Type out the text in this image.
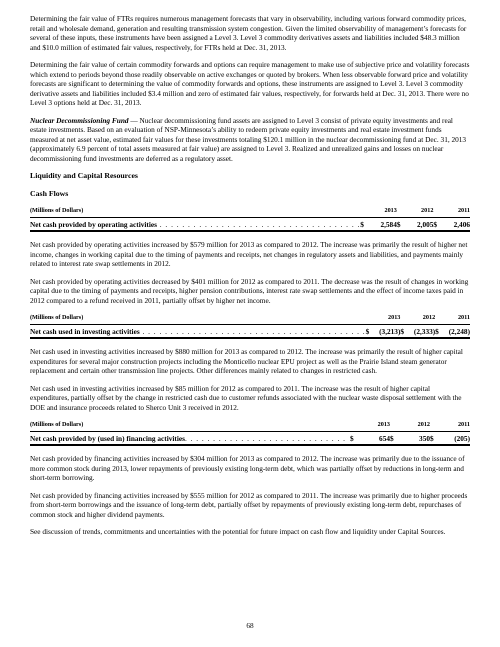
Determining the fair value of FTRs requires numerous management forecasts that vary in observability, including various forward commodity prices, retail and wholesale demand, generation and resulting transmission system congestion. Given the limited observability of management’s forecasts for several of these inputs, these instruments have been assigned a Level 3. Level 3 commodity derivatives assets and liabilities included $48.3 million and $10.0 million of estimated fair values, respectively, for FTRs held at Dec. 31, 2013.

Determining the fair value of certain commodity forwards and options can require management to make use of subjective price and volatility forecasts which extend to periods beyond those readily observable on active exchanges or quoted by brokers. When less observable forward price and volatility forecasts are significant to determining the value of commodity forwards and options, these instruments are assigned to Level 3. Level 3 commodity derivative assets and liabilities included $3.4 million and zero of estimated fair values, respectively, for forwards held at Dec. 31, 2013. There were no Level 3 options held at Dec. 31, 2013.

Nuclear Decommissioning Fund — Nuclear decommissioning fund assets are assigned to Level 3 consist of private equity investments and real estate investments. Based on an evaluation of NSP-Minnesota’s ability to redeem private equity investments and real estate investment funds measured at net asset value, estimated fair values for these investments totaling $120.1 million in the nuclear decommissioning fund at Dec. 31, 2013 (approximately 6.9 percent of total assets measured at fair value) are assigned to Level 3. Realized and unrealized gains and losses on nuclear decommissioning fund investments are deferred as a regulatory asset.

Liquidity and Capital Resources
Cash Flows
(Millions of Dollars)	2013		2012		2011	
Net cash provided by operating activities . . . . . . . . . . . . . . . . . . . . . . . . . . . . . . . . . . . .	$	2,584	$	2,005	$	2,406

Net cash provided by operating activities increased by $579 million for 2013 as compared to 2012. The increase was primarily the result of higher net income, changes in working capital due to the timing of payments and receipts, net changes in regulatory assets and liabilities, and payments mainly related to interest rate swap settlements in 2012.

Net cash provided by operating activities decreased by $401 million for 2012 as compared to 2011. The decrease was the result of changes in working capital due to the timing of payments and receipts, higher pension contributions, interest rate swap settlements and the effect of income taxes paid in 2012 compared to a refund received in 2011, partially offset by higher net income.

(Millions of Dollars)	2013		2012		2011	
Net cash used in investing activities . . . . . . . . . . . . . . . . . . . . . . . . . . . . . . . . . . . . . . . .	$	(3,213)	$	(2,333)	$	(2,248)

Net cash used in investing activities increased by $880 million for 2013 as compared to 2012. The increase was primarily the result of higher capital expenditures for several major construction projects including the Monticello nuclear EPU project as well as the Prairie Island steam generator replacement and certain other transmission line projects. Other differences mainly related to changes in restricted cash.

Net cash used in investing activities increased by $85 million for 2012 as compared to 2011. The increase was the result of higher capital expenditures, partially offset by the change in restricted cash due to customer refunds associated with the nuclear waste disposal settlement with the DOE and insurance proceeds related to Sherco Unit 3 received in 2012.

(Millions of Dollars)	2013		2012		2011	
Net cash provided by (used in) financing activities. . . . . . . . . . . . . . . . . . . . . . . . . . . . .	$	654	$	350	$	(205)

Net cash provided by financing activities increased by $304 million for 2013 as compared to 2012. The increase was primarily due to the issuance of more common stock during 2013, lower repayments of previously existing long-term debt, which was partially offset by reductions in long-term and short-term borrowing.

Net cash provided by financing activities increased by $555 million for 2012 as compared to 2011. The increase was primarily due to higher proceeds from short-term borrowings and the issuance of long-term debt, partially offset by repayments of previously existing long-term debt, repurchases of common stock and higher dividend payments.

See discussion of trends, commitments and uncertainties with the potential for future impact on cash flow and liquidity under Capital Sources.

68
